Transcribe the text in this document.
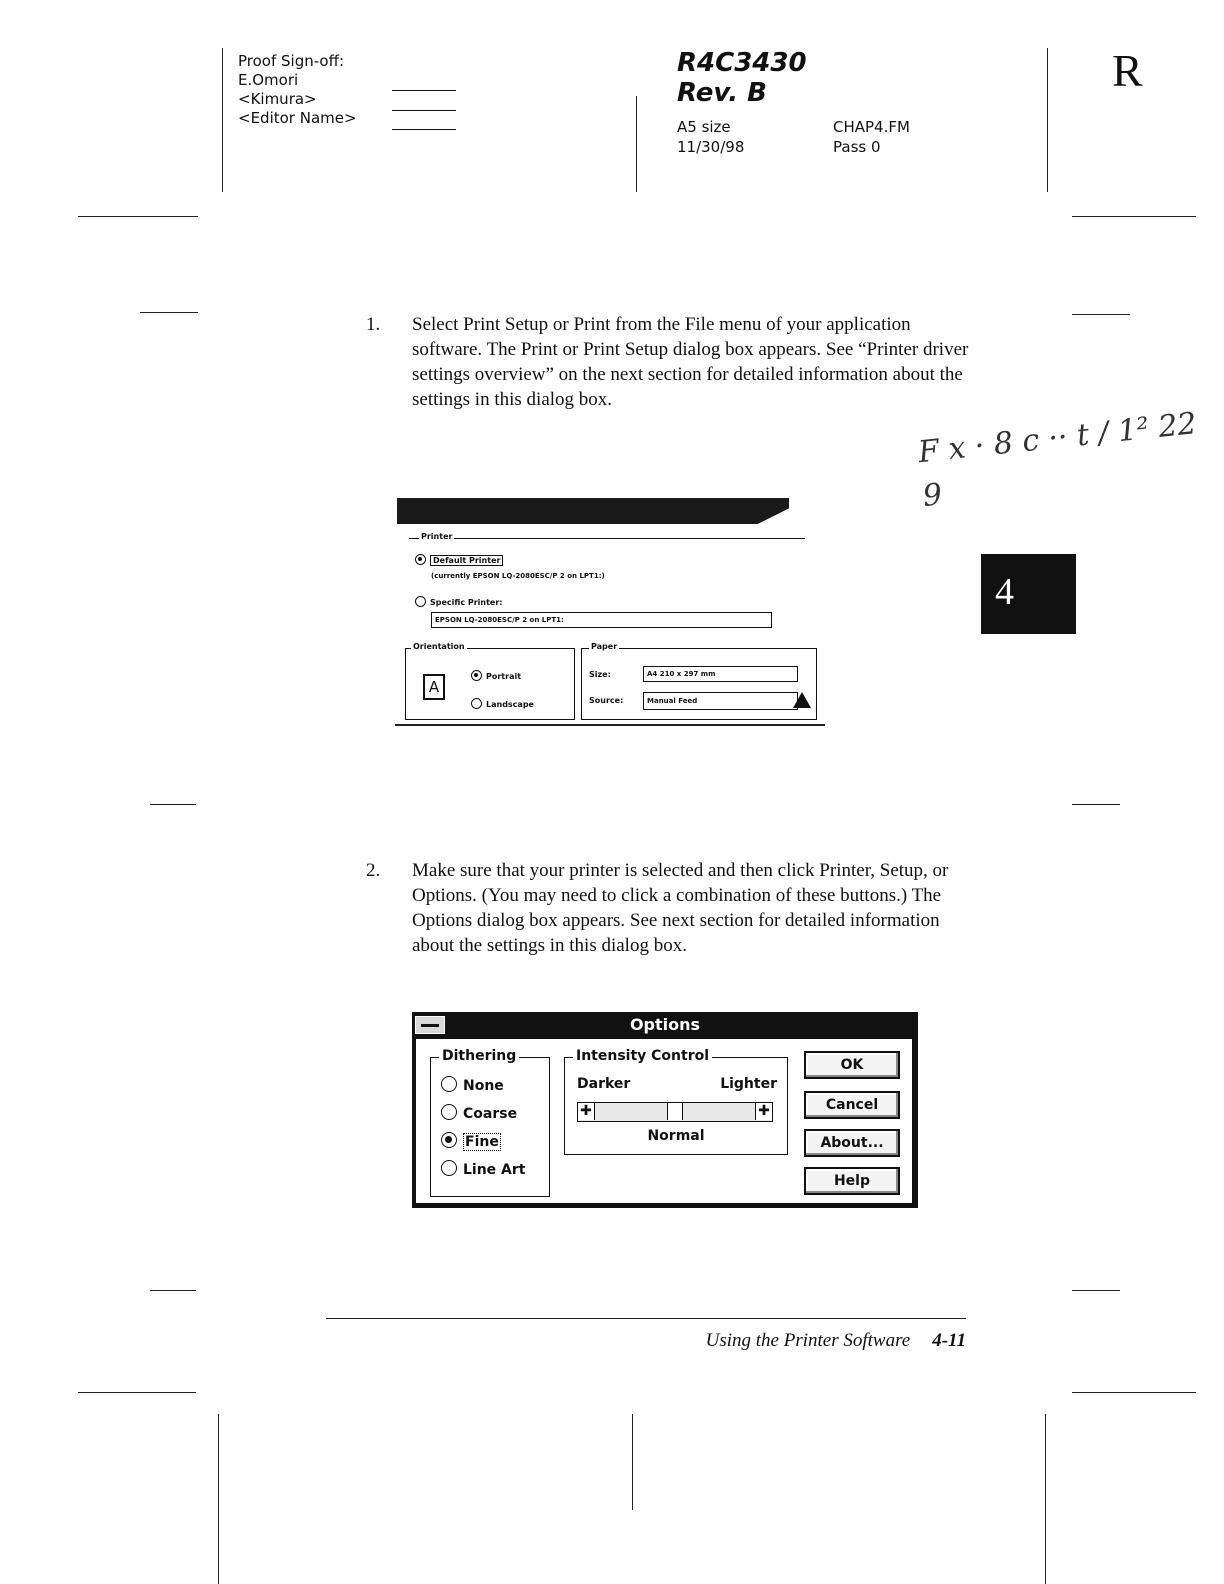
Proof Sign-off:
E.Omori
<Kimura>
<Editor Name>
R4C3430
Rev. B
A5 size	CHAP4.FM
11/30/98	Pass 0
R
4
F x · 8 c ·· t / 1² 22 9
1. Select Print Setup or Print from the File menu of your application software. The Print or Print Setup dialog box appears. See “Printer driver settings overview” on the next section for detailed information about the settings in this dialog box.
Printer
Default Printer
(currently EPSON LQ-2080ESC/P 2 on LPT1:)
Specific Printer:
EPSON LQ-2080ESC/P 2 on LPT1:
Orientation
A
Portrait
Landscape
Paper
Size:	A4 210 x 297 mm
Source:	Manual Feed
2. Make sure that your printer is selected and then click Printer, Setup, or Options. (You may need to click a combination of these buttons.) The Options dialog box appears. See next section for detailed information about the settings in this dialog box.
Options
Dithering
None
Coarse
Fine
Line Art
Intensity Control
Darker	Lighter
✚	✚
Normal
OK
Cancel
About...
Help
Using the Printer Software 4-11
